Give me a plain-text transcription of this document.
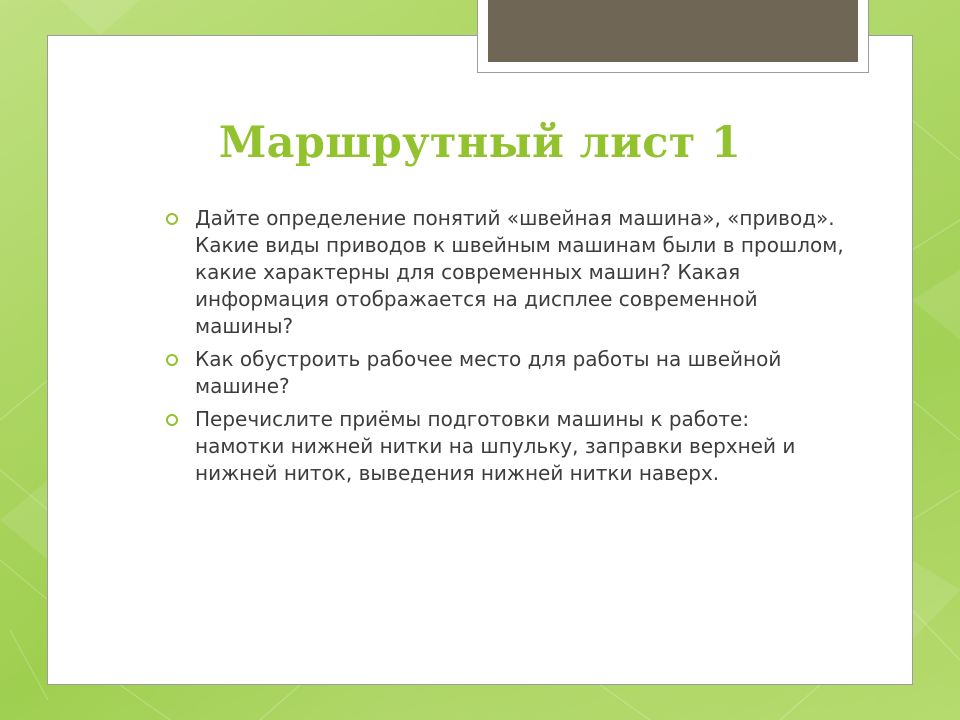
Маршрутный лист 1
Дайте определение понятий «швейная машина», «привод». Какие виды приводов к швейным машинам были в прошлом, какие характерны для современных машин? Какая информация отображается на дисплее современной машины?
Как обустроить рабочее место для работы на швейной машине?
Перечислите приёмы подготовки машины к работе: намотки нижней нитки на шпульку, заправки верхней и нижней ниток, выведения нижней нитки наверх.
